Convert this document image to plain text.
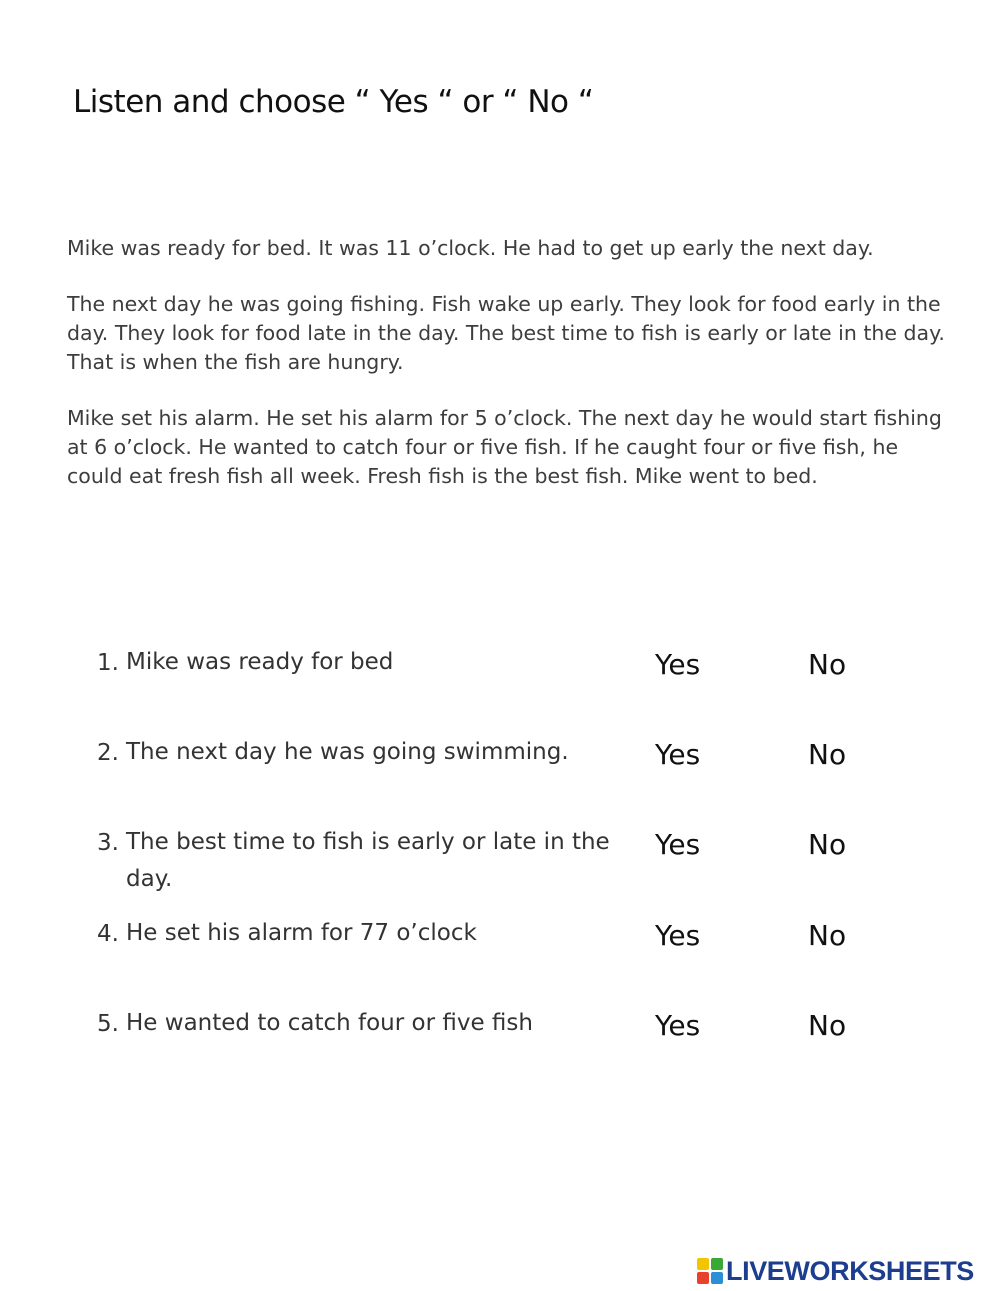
Listen and choose “ Yes “ or “ No “

Mike was ready for bed. It was 11 o’clock. He had to get up early the next day.

The next day he was going fishing. Fish wake up early. They look for food early in the day. They look for food late in the day. The best time to fish is early or late in the day. That is when the fish are hungry.

Mike set his alarm. He set his alarm for 5 o’clock. The next day he would start fishing at 6 o’clock. He wanted to catch four or five fish. If he caught four or five fish, he could eat fresh fish all week. Fresh fish is the best fish. Mike went to bed.

1. Mike was ready for bed	Yes	No
2. The next day he was going swimming.	Yes	No
3. The best time to fish is early or late in the day.
Yes	No
4. He set his alarm for 77 o’clock	Yes	No
5. He wanted to catch four or five fish	Yes	No
LIVEWORKSHEETS
